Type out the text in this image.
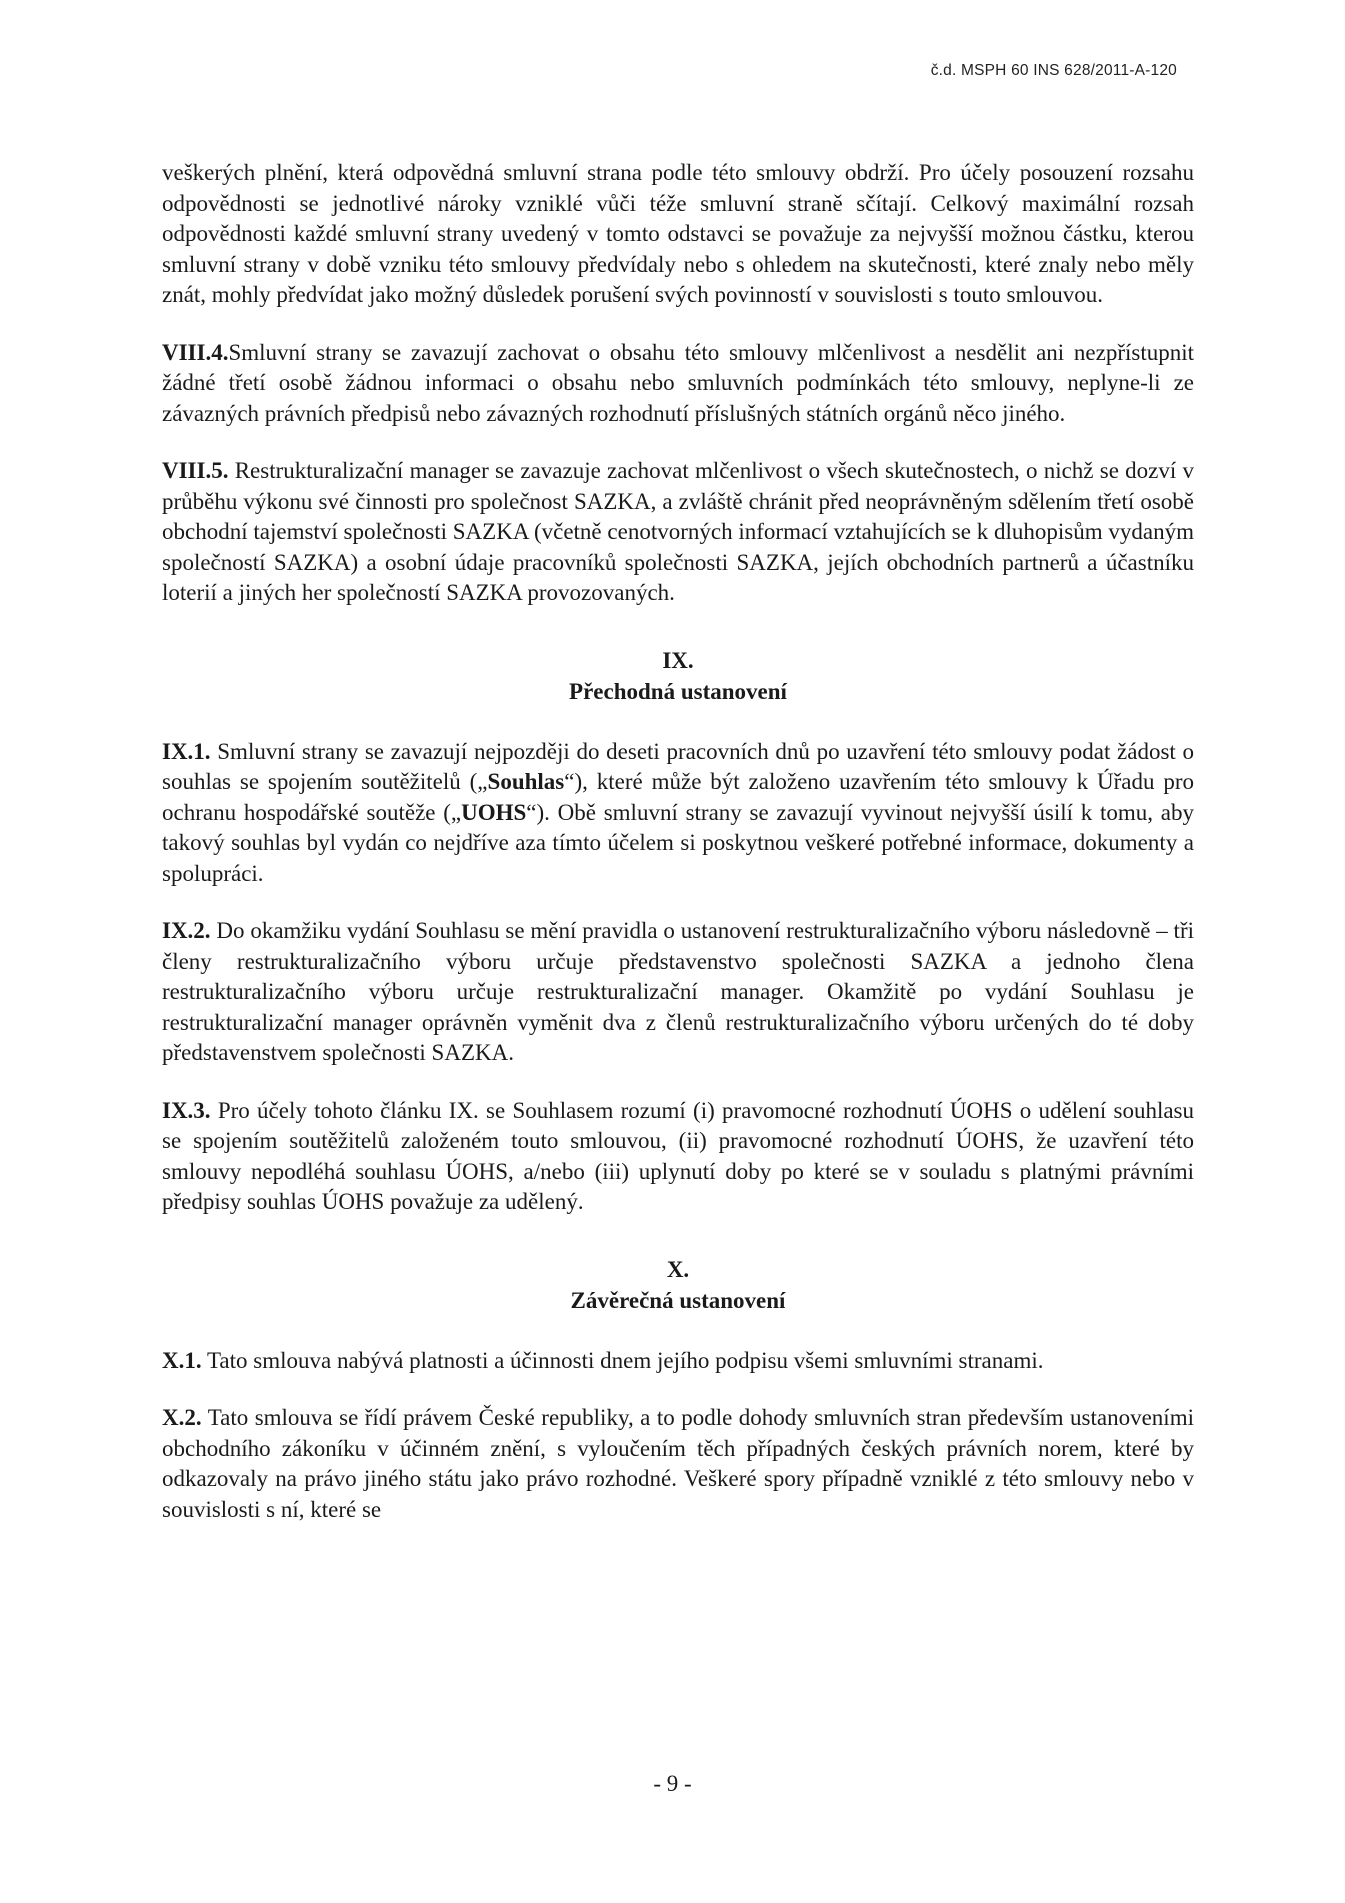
č.d. MSPH 60 INS 628/2011-A-120

veškerých plnění, která odpovědná smluvní strana podle této smlouvy obdrží. Pro účely posouzení rozsahu odpovědnosti se jednotlivé nároky vzniklé vůči téže smluvní straně sčítají. Celkový maximální rozsah odpovědnosti každé smluvní strany uvedený v tomto odstavci se považuje za nejvyšší možnou částku, kterou smluvní strany v době vzniku této smlouvy předvídaly nebo s ohledem na skutečnosti, které znaly nebo měly znát, mohly předvídat jako možný důsledek porušení svých povinností v souvislosti s touto smlouvou.

VIII.4.Smluvní strany se zavazují zachovat o obsahu této smlouvy mlčenlivost a nesdělit ani nezpřístupnit žádné třetí osobě žádnou informaci o obsahu nebo smluvních podmínkách této smlouvy, neplyne-li ze závazných právních předpisů nebo závazných rozhodnutí příslušných státních orgánů něco jiného.

VIII.5. Restrukturalizační manager se zavazuje zachovat mlčenlivost o všech skutečnostech, o nichž se dozví v průběhu výkonu své činnosti pro společnost SAZKA, a zvláště chránit před neoprávněným sdělením třetí osobě obchodní tajemství společnosti SAZKA (včetně cenotvorných informací vztahujících se k dluhopisům vydaným společností SAZKA) a osobní údaje pracovníků společnosti SAZKA, jejích obchodních partnerů a účastníku loterií a jiných her společností SAZKA provozovaných.

IX.
Přechodná ustanovení

IX.1. Smluvní strany se zavazují nejpozději do deseti pracovních dnů po uzavření této smlouvy podat žádost o souhlas se spojením soutěžitelů („Souhlas“), které může být založeno uzavřením této smlouvy k Úřadu pro ochranu hospodářské soutěže („UOHS“). Obě smluvní strany se zavazují vyvinout nejvyšší úsilí k tomu, aby takový souhlas byl vydán co nejdříve aza tímto účelem si poskytnou veškeré potřebné informace, dokumenty a spolupráci.

IX.2. Do okamžiku vydání Souhlasu se mění pravidla o ustanovení restrukturalizačního výboru následovně – tři členy restrukturalizačního výboru určuje představenstvo společnosti SAZKA a jednoho člena restrukturalizačního výboru určuje restrukturalizační manager. Okamžitě po vydání Souhlasu je restrukturalizační manager oprávněn vyměnit dva z členů restrukturalizačního výboru určených do té doby představenstvem společnosti SAZKA.

IX.3. Pro účely tohoto článku IX. se Souhlasem rozumí (i) pravomocné rozhodnutí ÚOHS o udělení souhlasu se spojením soutěžitelů založeném touto smlouvou, (ii) pravomocné rozhodnutí ÚOHS, že uzavření této smlouvy nepodléhá souhlasu ÚOHS, a/nebo (iii) uplynutí doby po které se v souladu s platnými právními předpisy souhlas ÚOHS považuje za udělený.

X.
Závěrečná ustanovení

X.1. Tato smlouva nabývá platnosti a účinnosti dnem jejího podpisu všemi smluvními stranami.

X.2. Tato smlouva se řídí právem České republiky, a to podle dohody smluvních stran především ustanoveními obchodního zákoníku v účinném znění, s vyloučením těch případných českých právních norem, které by odkazovaly na právo jiného státu jako právo rozhodné. Veškeré spory případně vzniklé z této smlouvy nebo v souvislosti s ní, které se

- 9 -
